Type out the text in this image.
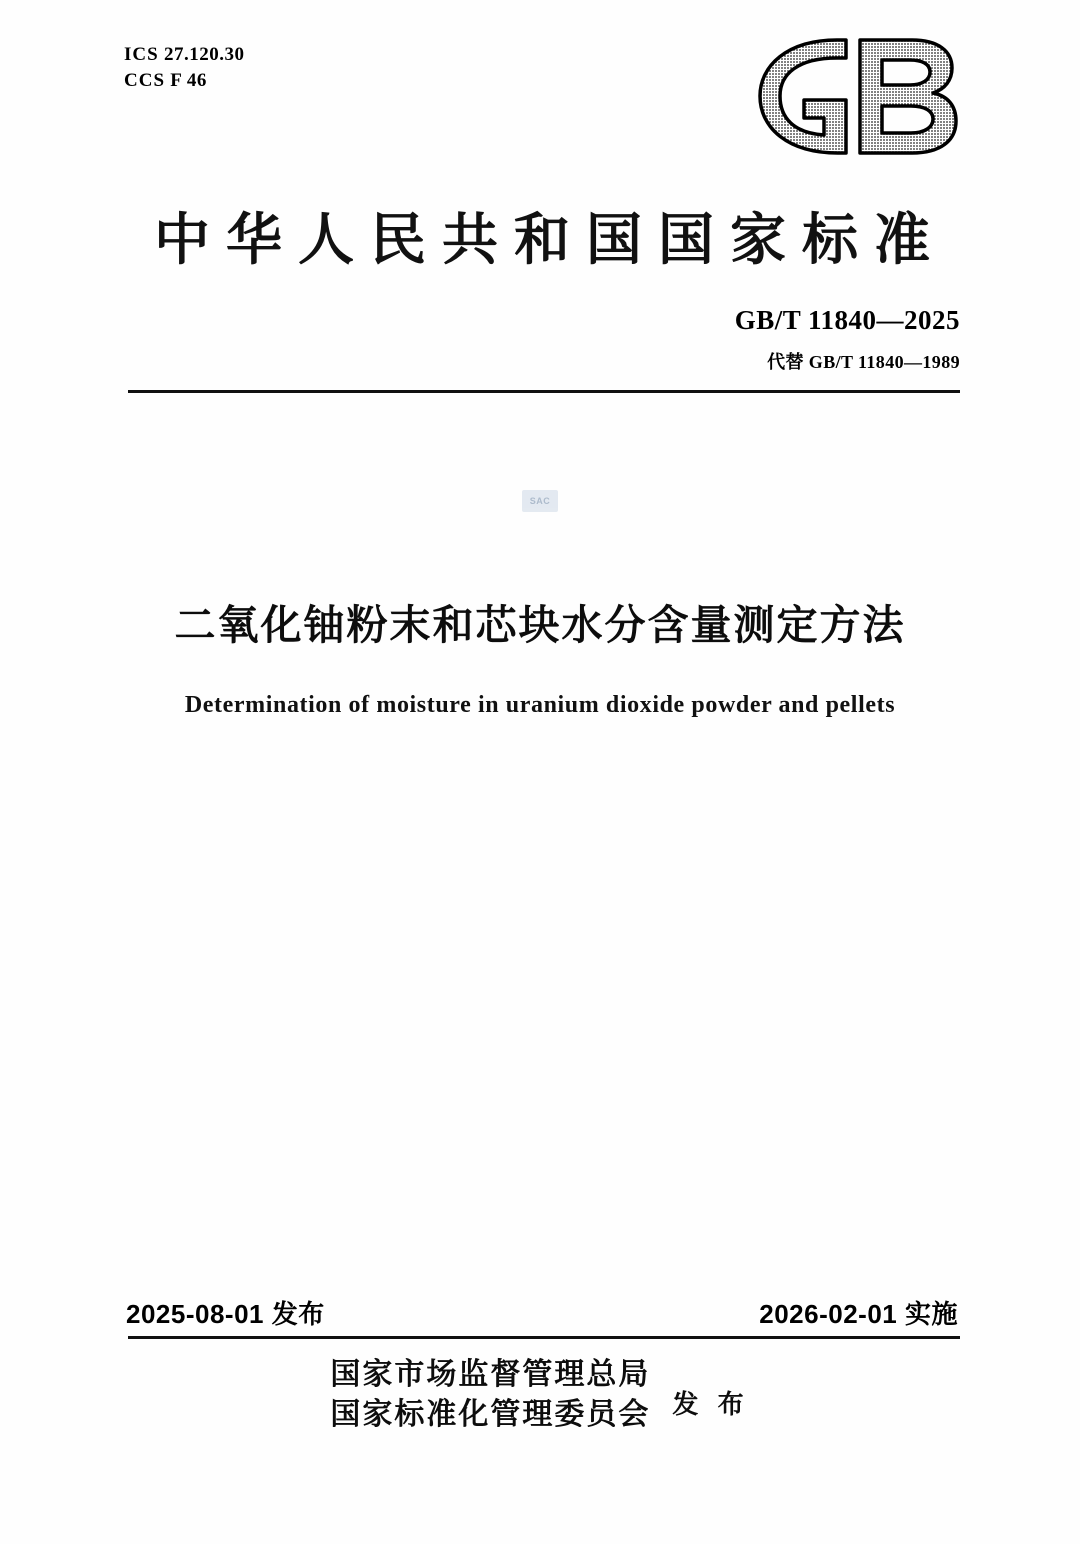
ICS 27.120.30
CCS F 46
中华人民共和国国家标准
GB/T 11840—2025
代替 GB/T 11840—1989
SAC
二氧化铀粉末和芯块水分含量测定方法
Determination of moisture in uranium dioxide powder and pellets
2025-08-01 发布	2026-02-01 实施
国家市场监督管理总局
国家标准化管理委员会 发 布
